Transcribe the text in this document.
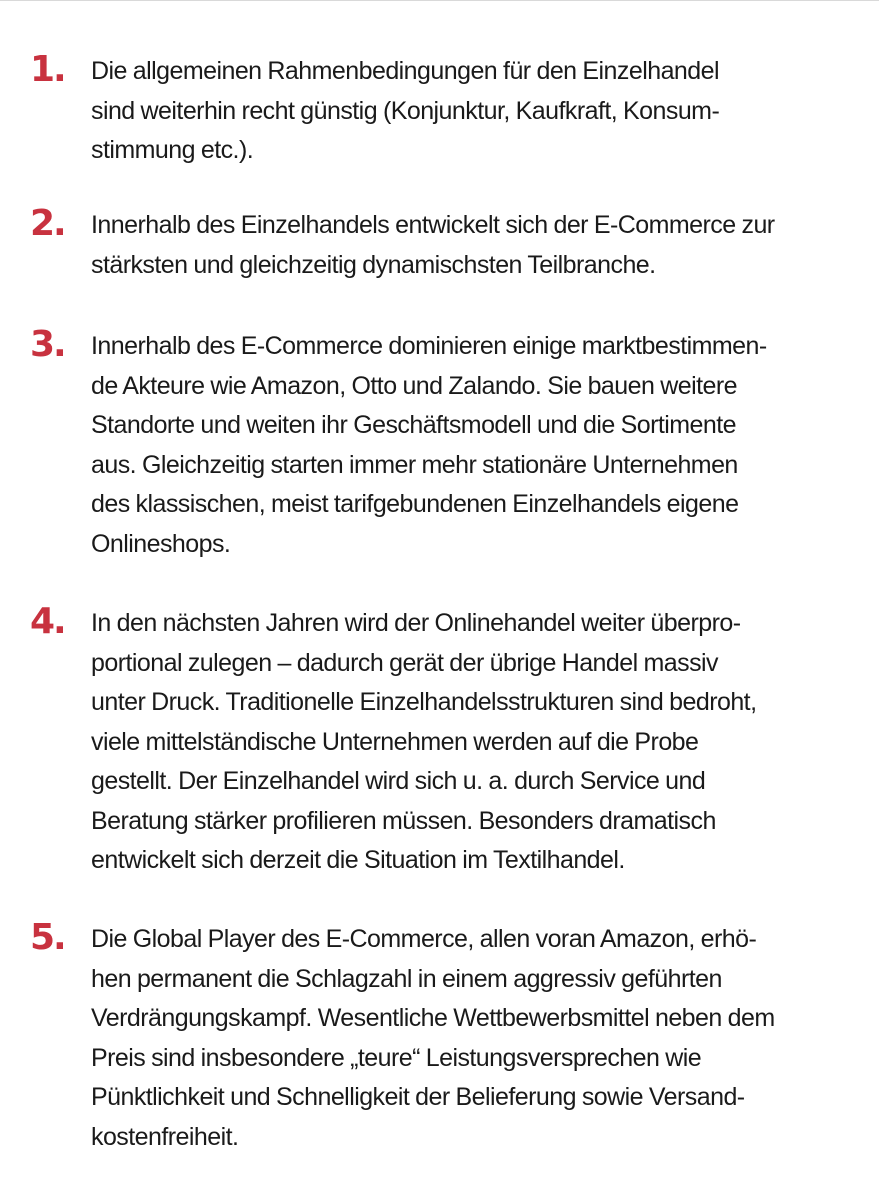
1. Die allgemeinen Rahmenbedingungen für den Einzelhandel
sind weiterhin recht günstig (Konjunktur, Kaufkraft, Konsum-
stimmung etc.).

2. Innerhalb des Einzelhandels entwickelt sich der E-Commerce zur
stärksten und gleichzeitig dynamischsten Teilbranche.

3. Innerhalb des E-Commerce dominieren einige marktbestimmen-
de Akteure wie Amazon, Otto und Zalando. Sie bauen weitere
Standorte und weiten ihr Geschäftsmodell und die Sortimente
aus. Gleichzeitig starten immer mehr stationäre Unternehmen
des klassischen, meist tarifgebundenen Einzelhandels eigene
Onlineshops.

4. In den nächsten Jahren wird der Onlinehandel weiter überpro-
portional zulegen – dadurch gerät der übrige Handel massiv
unter Druck. Traditionelle Einzelhandelsstrukturen sind bedroht,
viele mittelständische Unternehmen werden auf die Probe
gestellt. Der Einzelhandel wird sich u. a. durch Service und
Beratung stärker profilieren müssen. Besonders dramatisch
entwickelt sich derzeit die Situation im Textilhandel.

5. Die Global Player des E-Commerce, allen voran Amazon, erhö-
hen permanent die Schlagzahl in einem aggressiv geführten
Verdrängungskampf. Wesentliche Wettbewerbsmittel neben dem
Preis sind insbesondere „teure“ Leistungsversprechen wie
Pünktlichkeit und Schnelligkeit der Belieferung sowie Versand-
kostenfreiheit.
